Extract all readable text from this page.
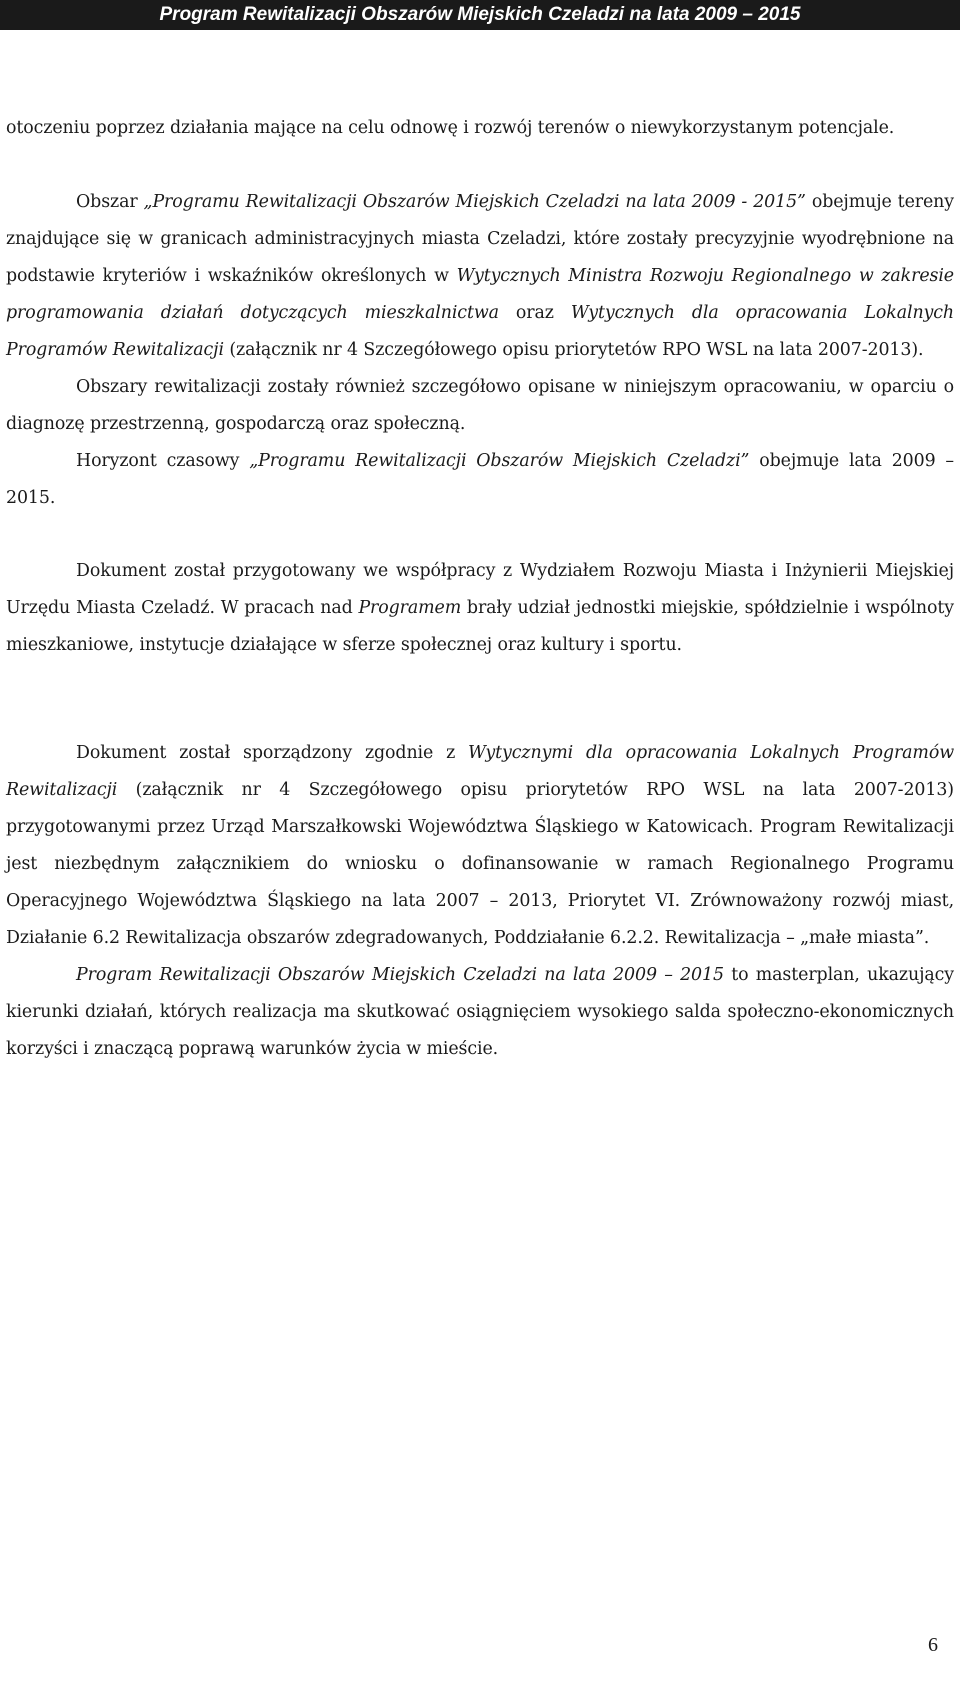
Program Rewitalizacji Obszarów Miejskich Czeladzi na lata 2009 – 2015

otoczeniu poprzez działania mające na celu odnowę i rozwój terenów o niewykorzystanym potencjale.

Obszar „Programu Rewitalizacji Obszarów Miejskich Czeladzi na lata 2009 - 2015” obejmuje tereny znajdujące się w granicach administracyjnych miasta Czeladzi, które zostały precyzyjnie wyodrębnione na podstawie kryteriów i wskaźników określonych w Wytycznych Ministra Rozwoju Regionalnego w zakresie programowania działań dotyczących mieszkalnictwa oraz Wytycznych dla opracowania Lokalnych Programów Rewitalizacji (załącznik nr 4 Szczegółowego opisu priorytetów RPO WSL na lata 2007-2013).

Obszary rewitalizacji zostały również szczegółowo opisane w niniejszym opracowaniu, w oparciu o diagnozę przestrzenną, gospodarczą oraz społeczną.

Horyzont czasowy „Programu Rewitalizacji Obszarów Miejskich Czeladzi” obejmuje lata 2009 – 2015.

Dokument został przygotowany we współpracy z Wydziałem Rozwoju Miasta i Inżynierii Miejskiej Urzędu Miasta Czeladź. W pracach nad Programem brały udział jednostki miejskie, spółdzielnie i wspólnoty mieszkaniowe, instytucje działające w sferze społecznej oraz kultury i sportu.

Dokument został sporządzony zgodnie z Wytycznymi dla opracowania Lokalnych Programów Rewitalizacji (załącznik nr 4 Szczegółowego opisu priorytetów RPO WSL na lata 2007-2013) przygotowanymi przez Urząd Marszałkowski Województwa Śląskiego w Katowicach. Program Rewitalizacji jest niezbędnym załącznikiem do wniosku o dofinansowanie w ramach Regionalnego Programu Operacyjnego Województwa Śląskiego na lata 2007 – 2013, Priorytet VI. Zrównoważony rozwój miast, Działanie 6.2 Rewitalizacja obszarów zdegradowanych, Poddziałanie 6.2.2. Rewitalizacja – „małe miasta”.

Program Rewitalizacji Obszarów Miejskich Czeladzi na lata 2009 – 2015 to masterplan, ukazujący kierunki działań, których realizacja ma skutkować osiągnięciem wysokiego salda społeczno-ekonomicznych korzyści i znaczącą poprawą warunków życia w mieście.

6
